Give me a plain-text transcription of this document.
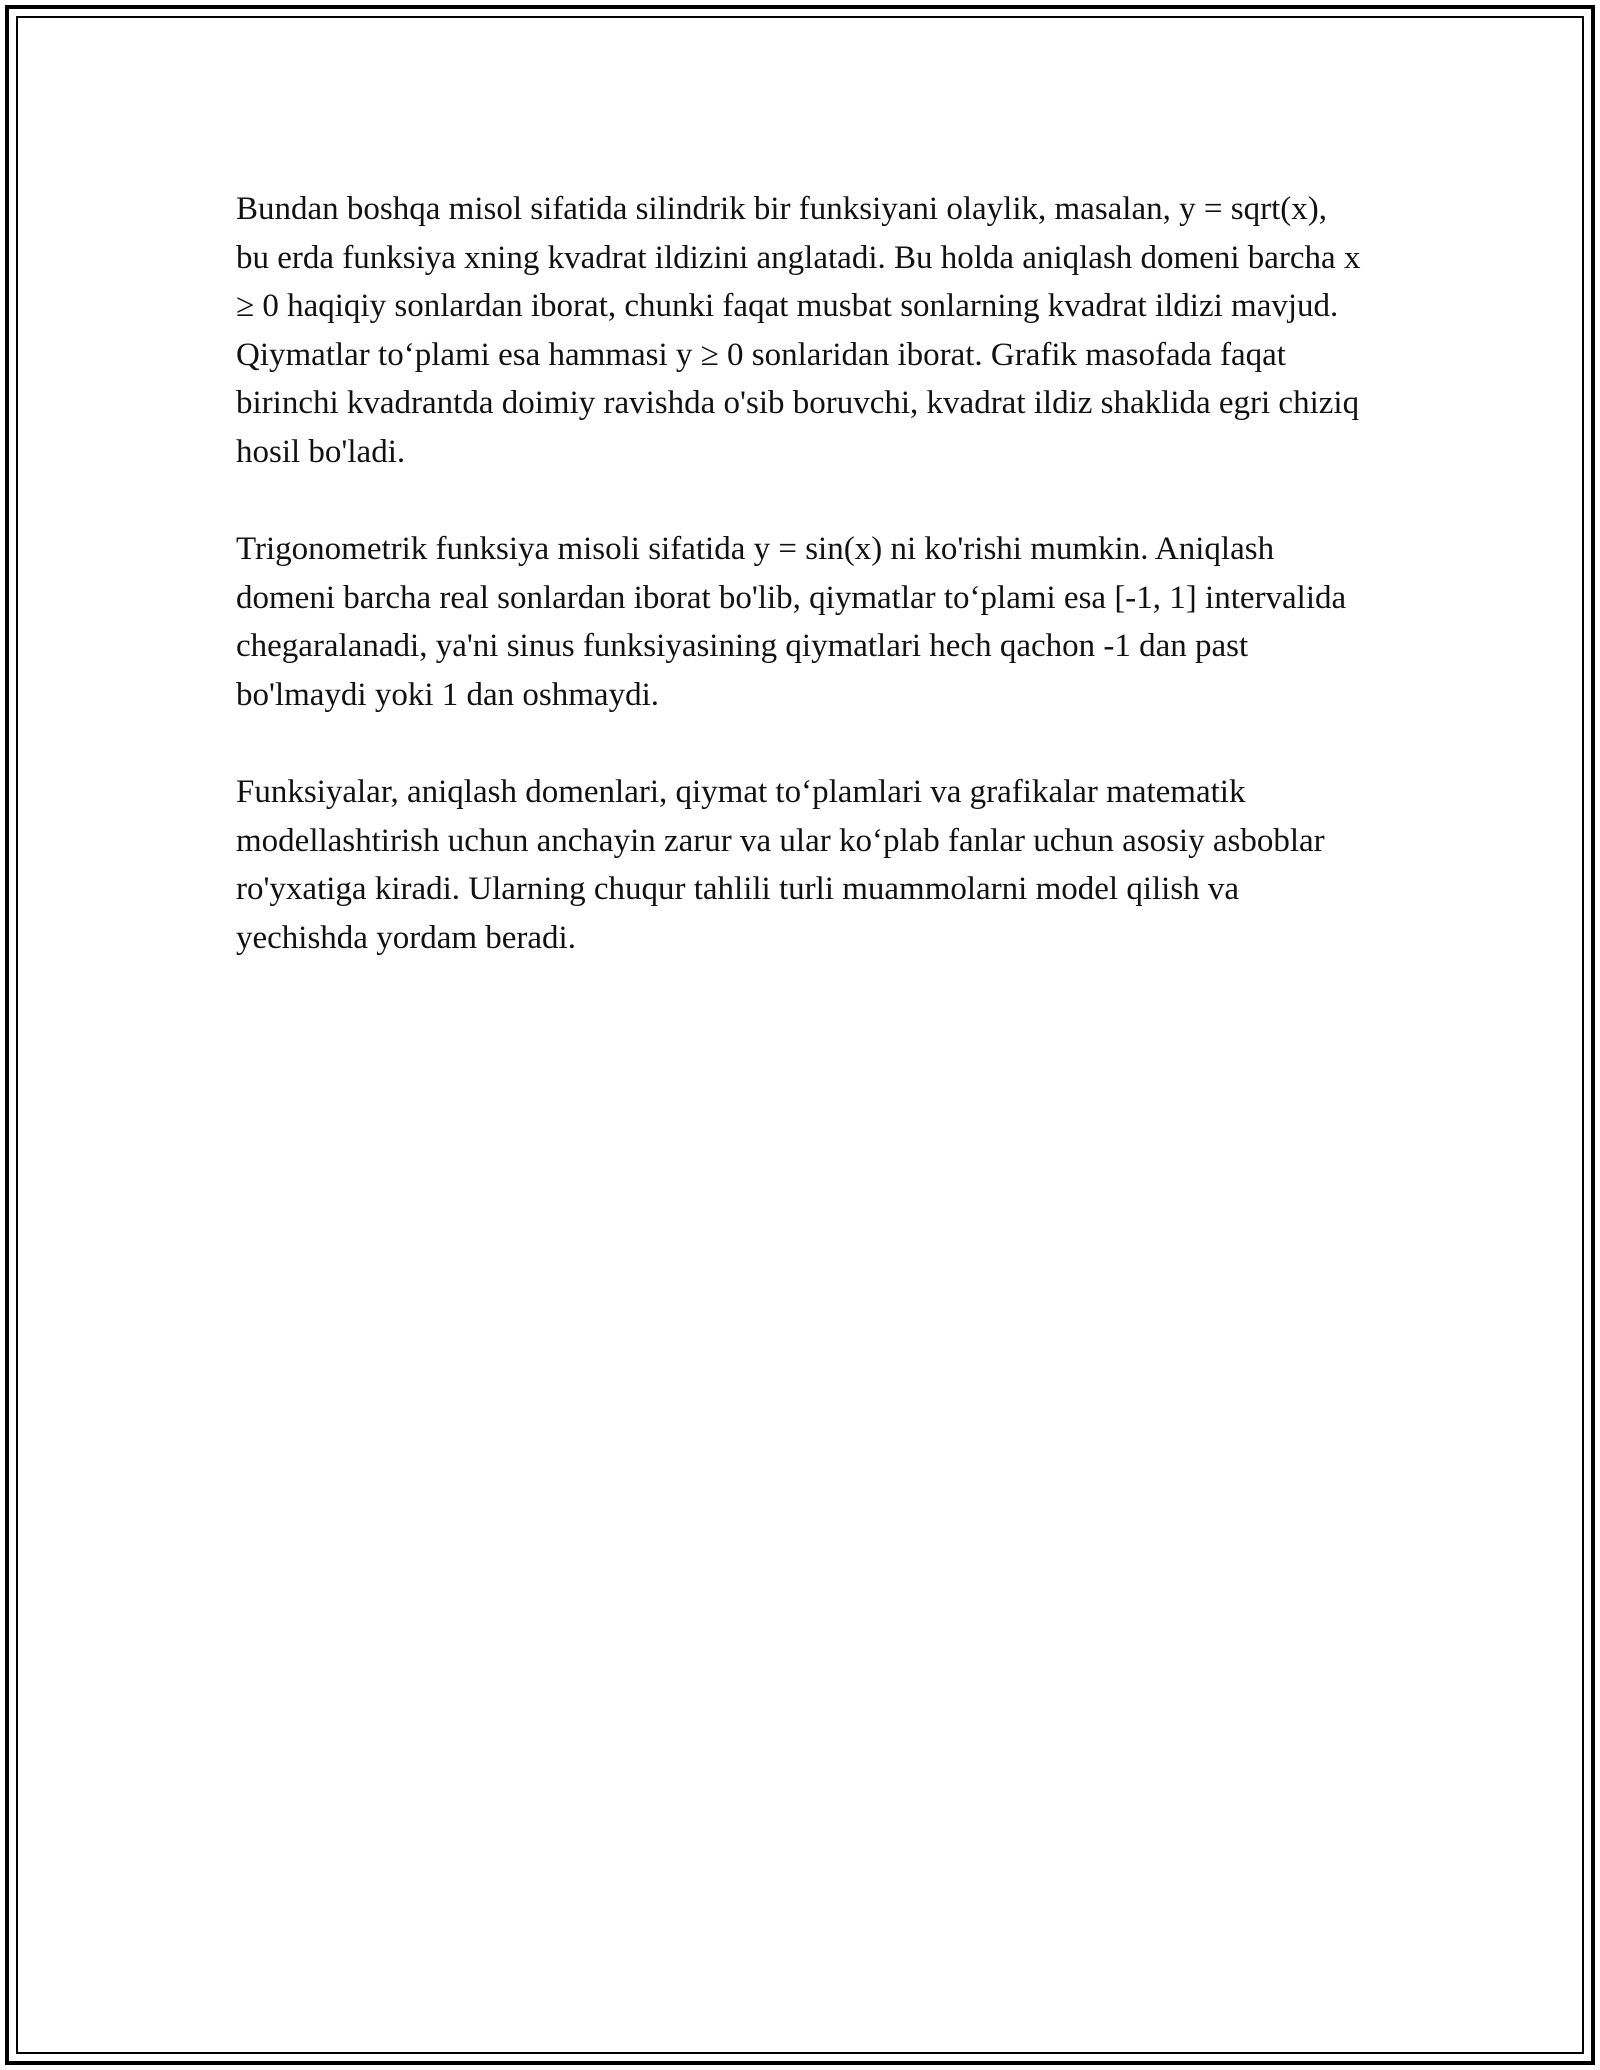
Bundan boshqa misol sifatida silindrik bir funksiyani olaylik, masalan, y = sqrt(x), bu erda funksiya xning kvadrat ildizini anglatadi. Bu holda aniqlash domeni barcha x ≥ 0 haqiqiy sonlardan iborat, chunki faqat musbat sonlarning kvadrat ildizi mavjud. Qiymatlar to‘plami esa hammasi y ≥ 0 sonlaridan iborat. Grafik masofada faqat birinchi kvadrantda doimiy ravishda o'sib boruvchi, kvadrat ildiz shaklida egri chiziq hosil bo'ladi.

Trigonometrik funksiya misoli sifatida y = sin(x) ni ko'rishi mumkin. Aniqlash domeni barcha real sonlardan iborat bo'lib, qiymatlar to‘plami esa [-1, 1] intervalida chegaralanadi, ya'ni sinus funksiyasining qiymatlari hech qachon -1 dan past bo'lmaydi yoki 1 dan oshmaydi.

Funksiyalar, aniqlash domenlari, qiymat to‘plamlari va grafikalar matematik modellashtirish uchun anchayin zarur va ular ko‘plab fanlar uchun asosiy asboblar ro'yxatiga kiradi. Ularning chuqur tahlili turli muammolarni model qilish va yechishda yordam beradi.
